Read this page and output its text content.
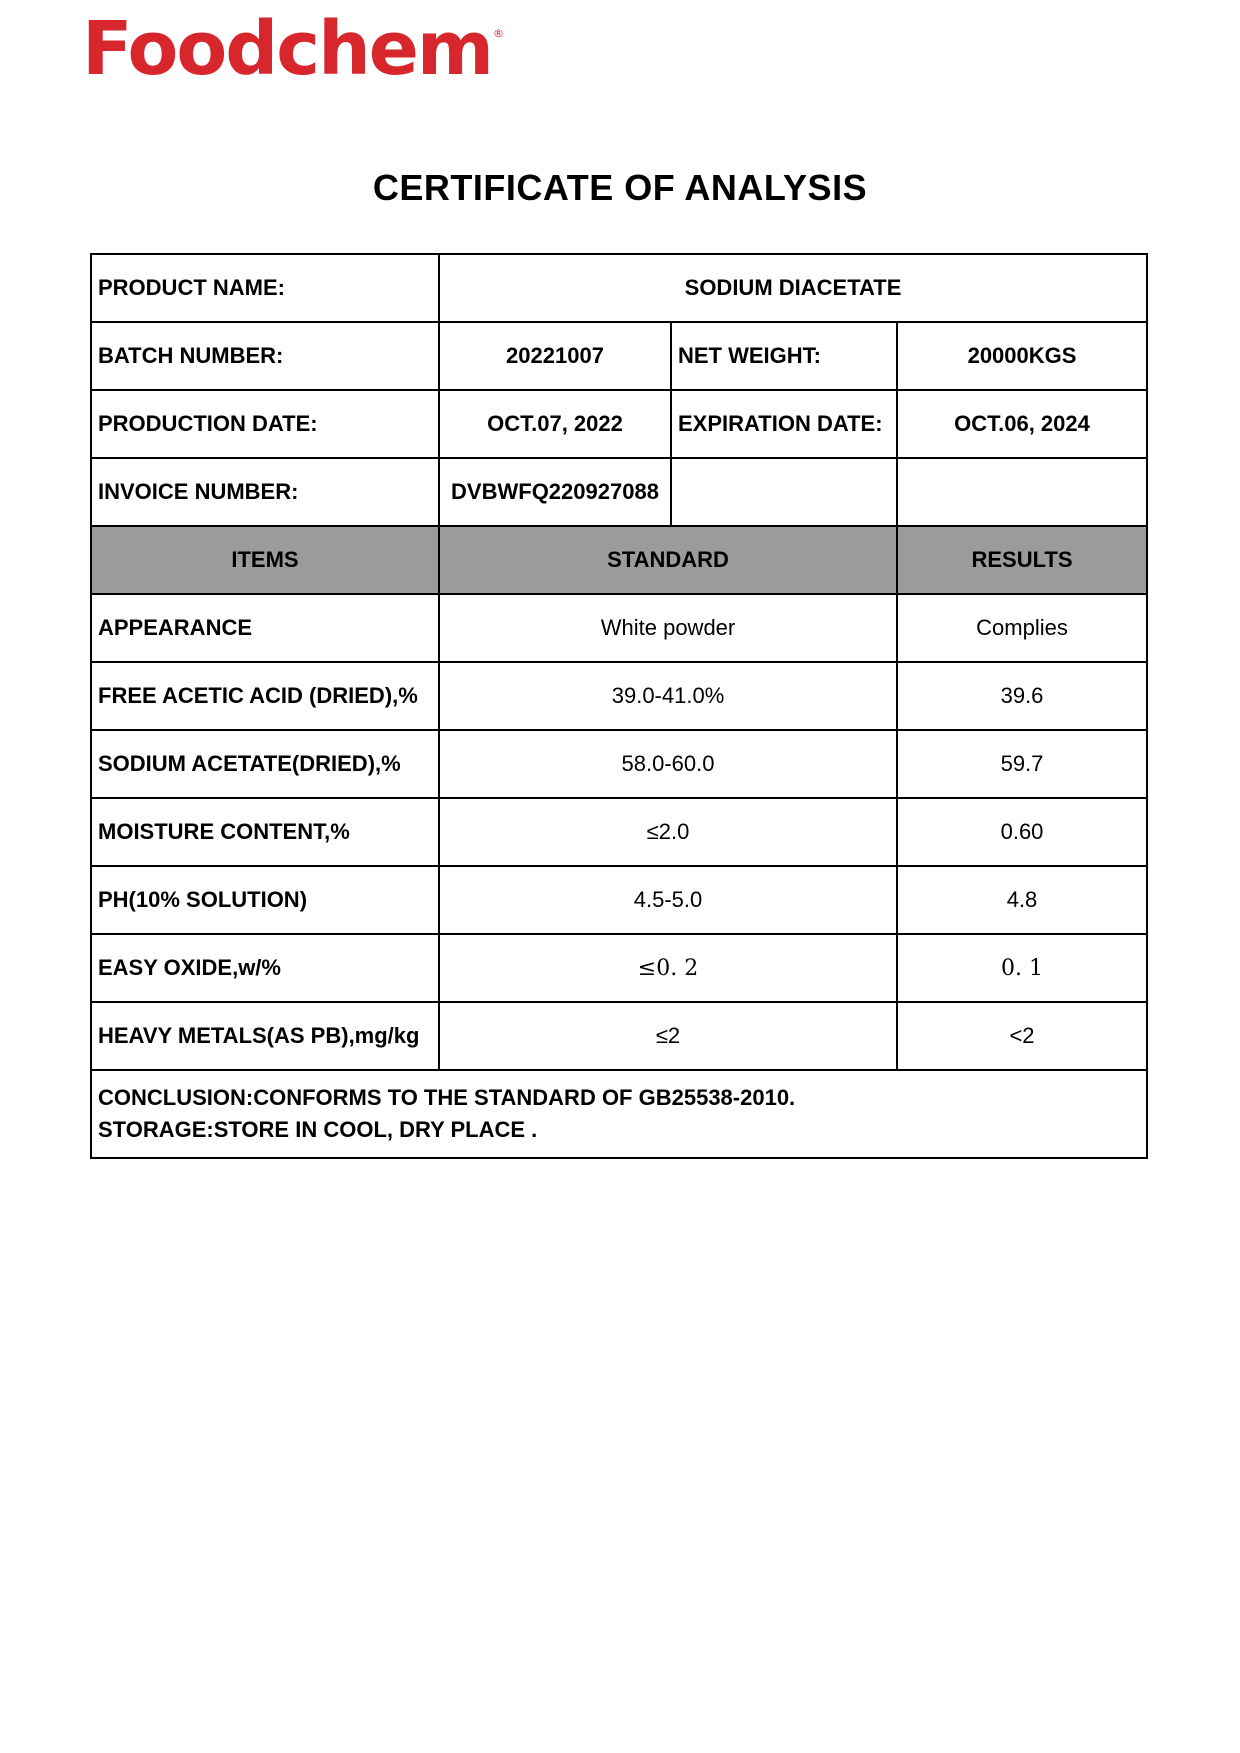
Foodchem ®
CERTIFICATE OF ANALYSIS
PRODUCT NAME:	SODIUM DIACETATE		
BATCH NUMBER:	20221007	NET WEIGHT:	20000KGS
PRODUCTION DATE:	OCT.07, 2022	EXPIRATION DATE:	OCT.06, 2024
INVOICE NUMBER:	DVBWFQ220927088		
ITEMS	STANDARD		RESULTS
APPEARANCE	White powder		Complies
FREE ACETIC ACID (DRIED),%	39.0-41.0%		39.6
SODIUM ACETATE(DRIED),%	58.0-60.0		59.7
MOISTURE CONTENT,%	≤2.0		0.60
PH(10% SOLUTION)	4.5-5.0		4.8
EASY OXIDE,w/%	≤0. 2		0. 1
HEAVY METALS(AS PB),mg/kg	≤2		<2

CONCLUSION:CONFORMS TO THE STANDARD OF GB25538-2010.
STORAGE:STORE IN COOL, DRY PLACE .			
